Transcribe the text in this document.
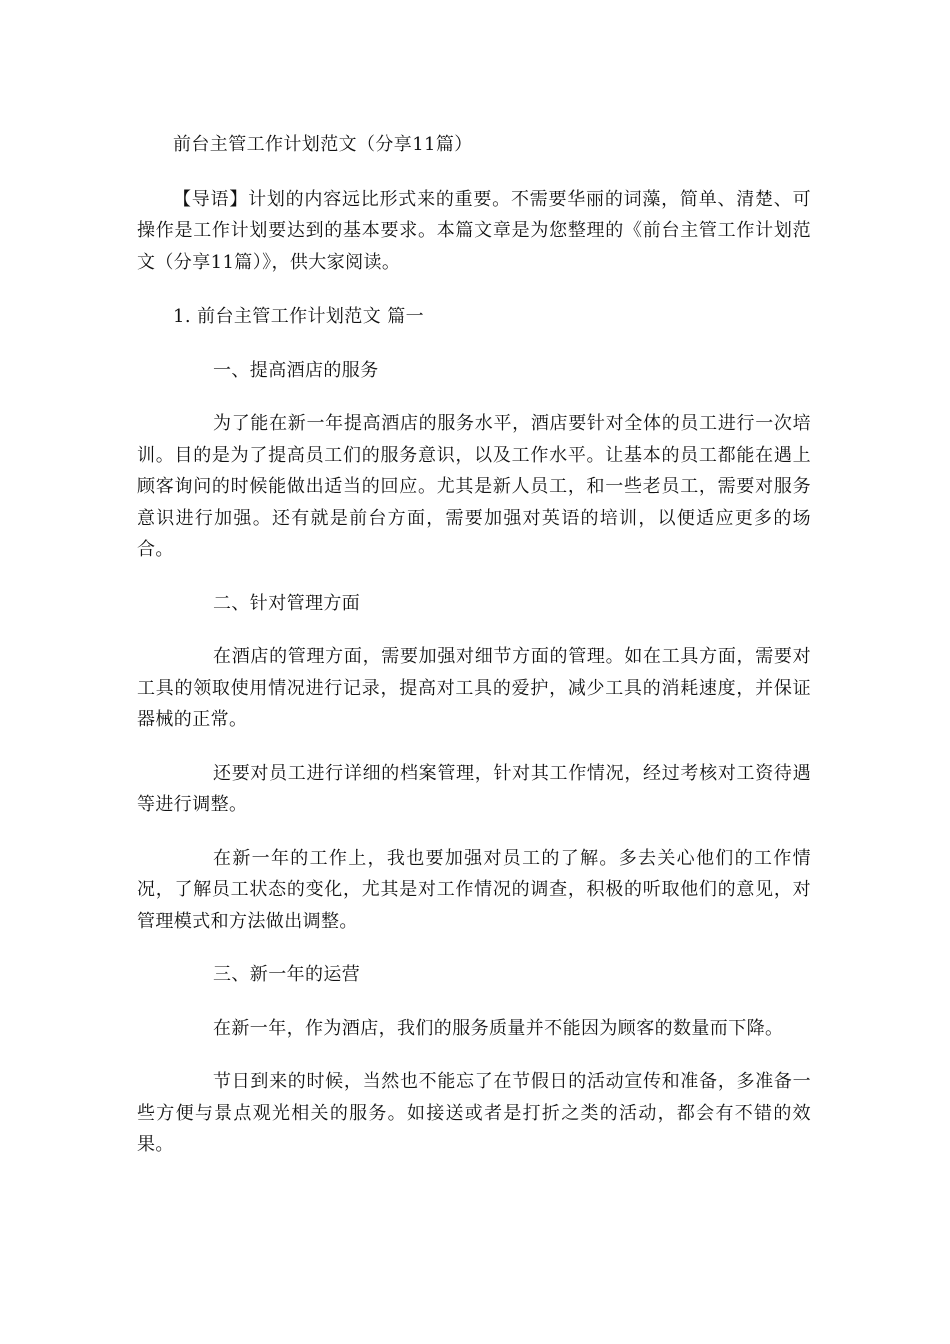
前台主管工作计划范文（分享11篇）

【导语】计划的内容远比形式来的重要。不需要华丽的词藻，简单、清楚、可操作是工作计划要达到的基本要求。本篇文章是为您整理的《前台主管工作计划范文（分享11篇）》，供大家阅读。

1. 前台主管工作计划范文 篇一
一、提高酒店的服务

为了能在新一年提高酒店的服务水平，酒店要针对全体的员工进行一次培训。目的是为了提高员工们的服务意识，以及工作水平。让基本的员工都能在遇上顾客询问的时候能做出适当的回应。尤其是新人员工，和一些老员工，需要对服务意识进行加强。还有就是前台方面，需要加强对英语的培训，以便适应更多的场合。

二、针对管理方面

在酒店的管理方面，需要加强对细节方面的管理。如在工具方面，需要对工具的领取使用情况进行记录，提高对工具的爱护，减少工具的消耗速度，并保证器械的正常。

还要对员工进行详细的档案管理，针对其工作情况，经过考核对工资待遇等进行调整。

在新一年的工作上，我也要加强对员工的了解。多去关心他们的工作情况，了解员工状态的变化，尤其是对工作情况的调查，积极的听取他们的意见，对管理模式和方法做出调整。

三、新一年的运营

在新一年，作为酒店，我们的服务质量并不能因为顾客的数量而下降。

节日到来的时候，当然也不能忘了在节假日的活动宣传和准备，多准备一些方便与景点观光相关的服务。如接送或者是打折之类的活动，都会有不错的效果。
